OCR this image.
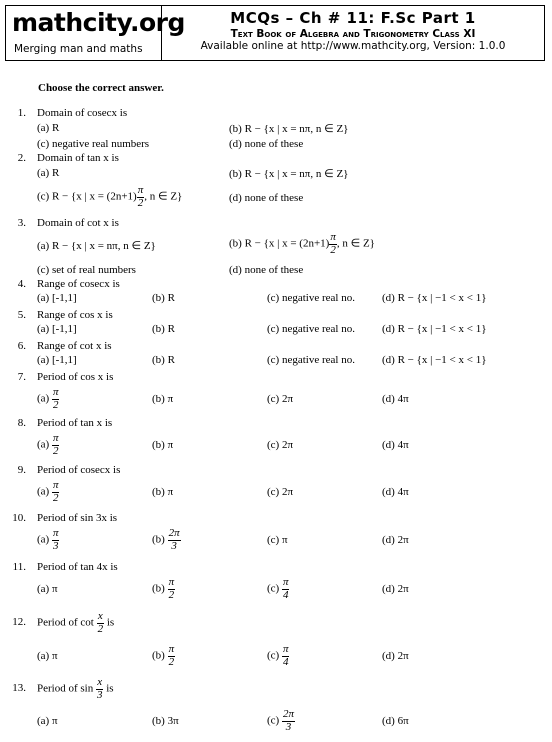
mathcity.org
Merging man and maths
MCQs – Ch # 11: F.Sc Part 1
Text Book of Algebra and Trigonometry Class XI
Available online at http://www.mathcity.org, Version: 1.0.0
Choose the correct answer.
1. Domain of cosecx is
(a) R	(b) R − {x | x = nπ, n ∈ Z}
(c) negative real numbers	(d) none of these
2. Domain of tan x is
(a) R	(b) R − {x | x = nπ, n ∈ Z}
(c) R − {x | $x = (2n+1) \frac{\pi}{2}$ , n ∈ Z}	(d) none of these
3. Domain of cot x is
(a) R − {x | x = nπ, n ∈ Z}	(b) R − {x | $x = (2n+1) \frac{\pi}{2}$ , n ∈ Z}
(c) set of real numbers	(d) none of these
4. Range of cosecx is
(a) [-1,1]	(b) R	(c) negative real no. (d) R − {x | −1 < x < 1}
5. Range of cos x is
(a) [-1,1]	(b) R	(c) negative real no. (d) R − {x | −1 < x < 1}
6. Range of cot x is
(a) [-1,1]	(b) R	(c) negative real no. (d) R − {x | −1 < x < 1}
7. Period of cos x is
$(a) \frac{\pi}{2}$	(b) π	(c) 2π	(d) 4π
8. Period of tan x is
$(a) \frac{\pi}{2}$	(b) π	(c) 2π	(d) 4π
9. Period of cosecx is
$(a) \frac{\pi}{2}$	(b) π	(c) 2π	(d) 4π
10. Period of sin 3x is
$(a) \frac{\pi}{3}$	$(b) \frac{2\pi}{3}$	(c) π	(d) 2π
11. Period of tan 4x is
(a) π	$(b) \frac{\pi}{2}$	$(c) \frac{\pi}{4}$	(d) 2π
12. Period of $\cot \frac{x}{2}$ is
(a) π	$(b) \frac{\pi}{2}$	$(c) \frac{\pi}{4}$	(d) 2π
13. Period of $\sin \frac{x}{3}$ is
(a) π	(b) 3π	$(c) \frac{2\pi}{3}$	(d) 6π
